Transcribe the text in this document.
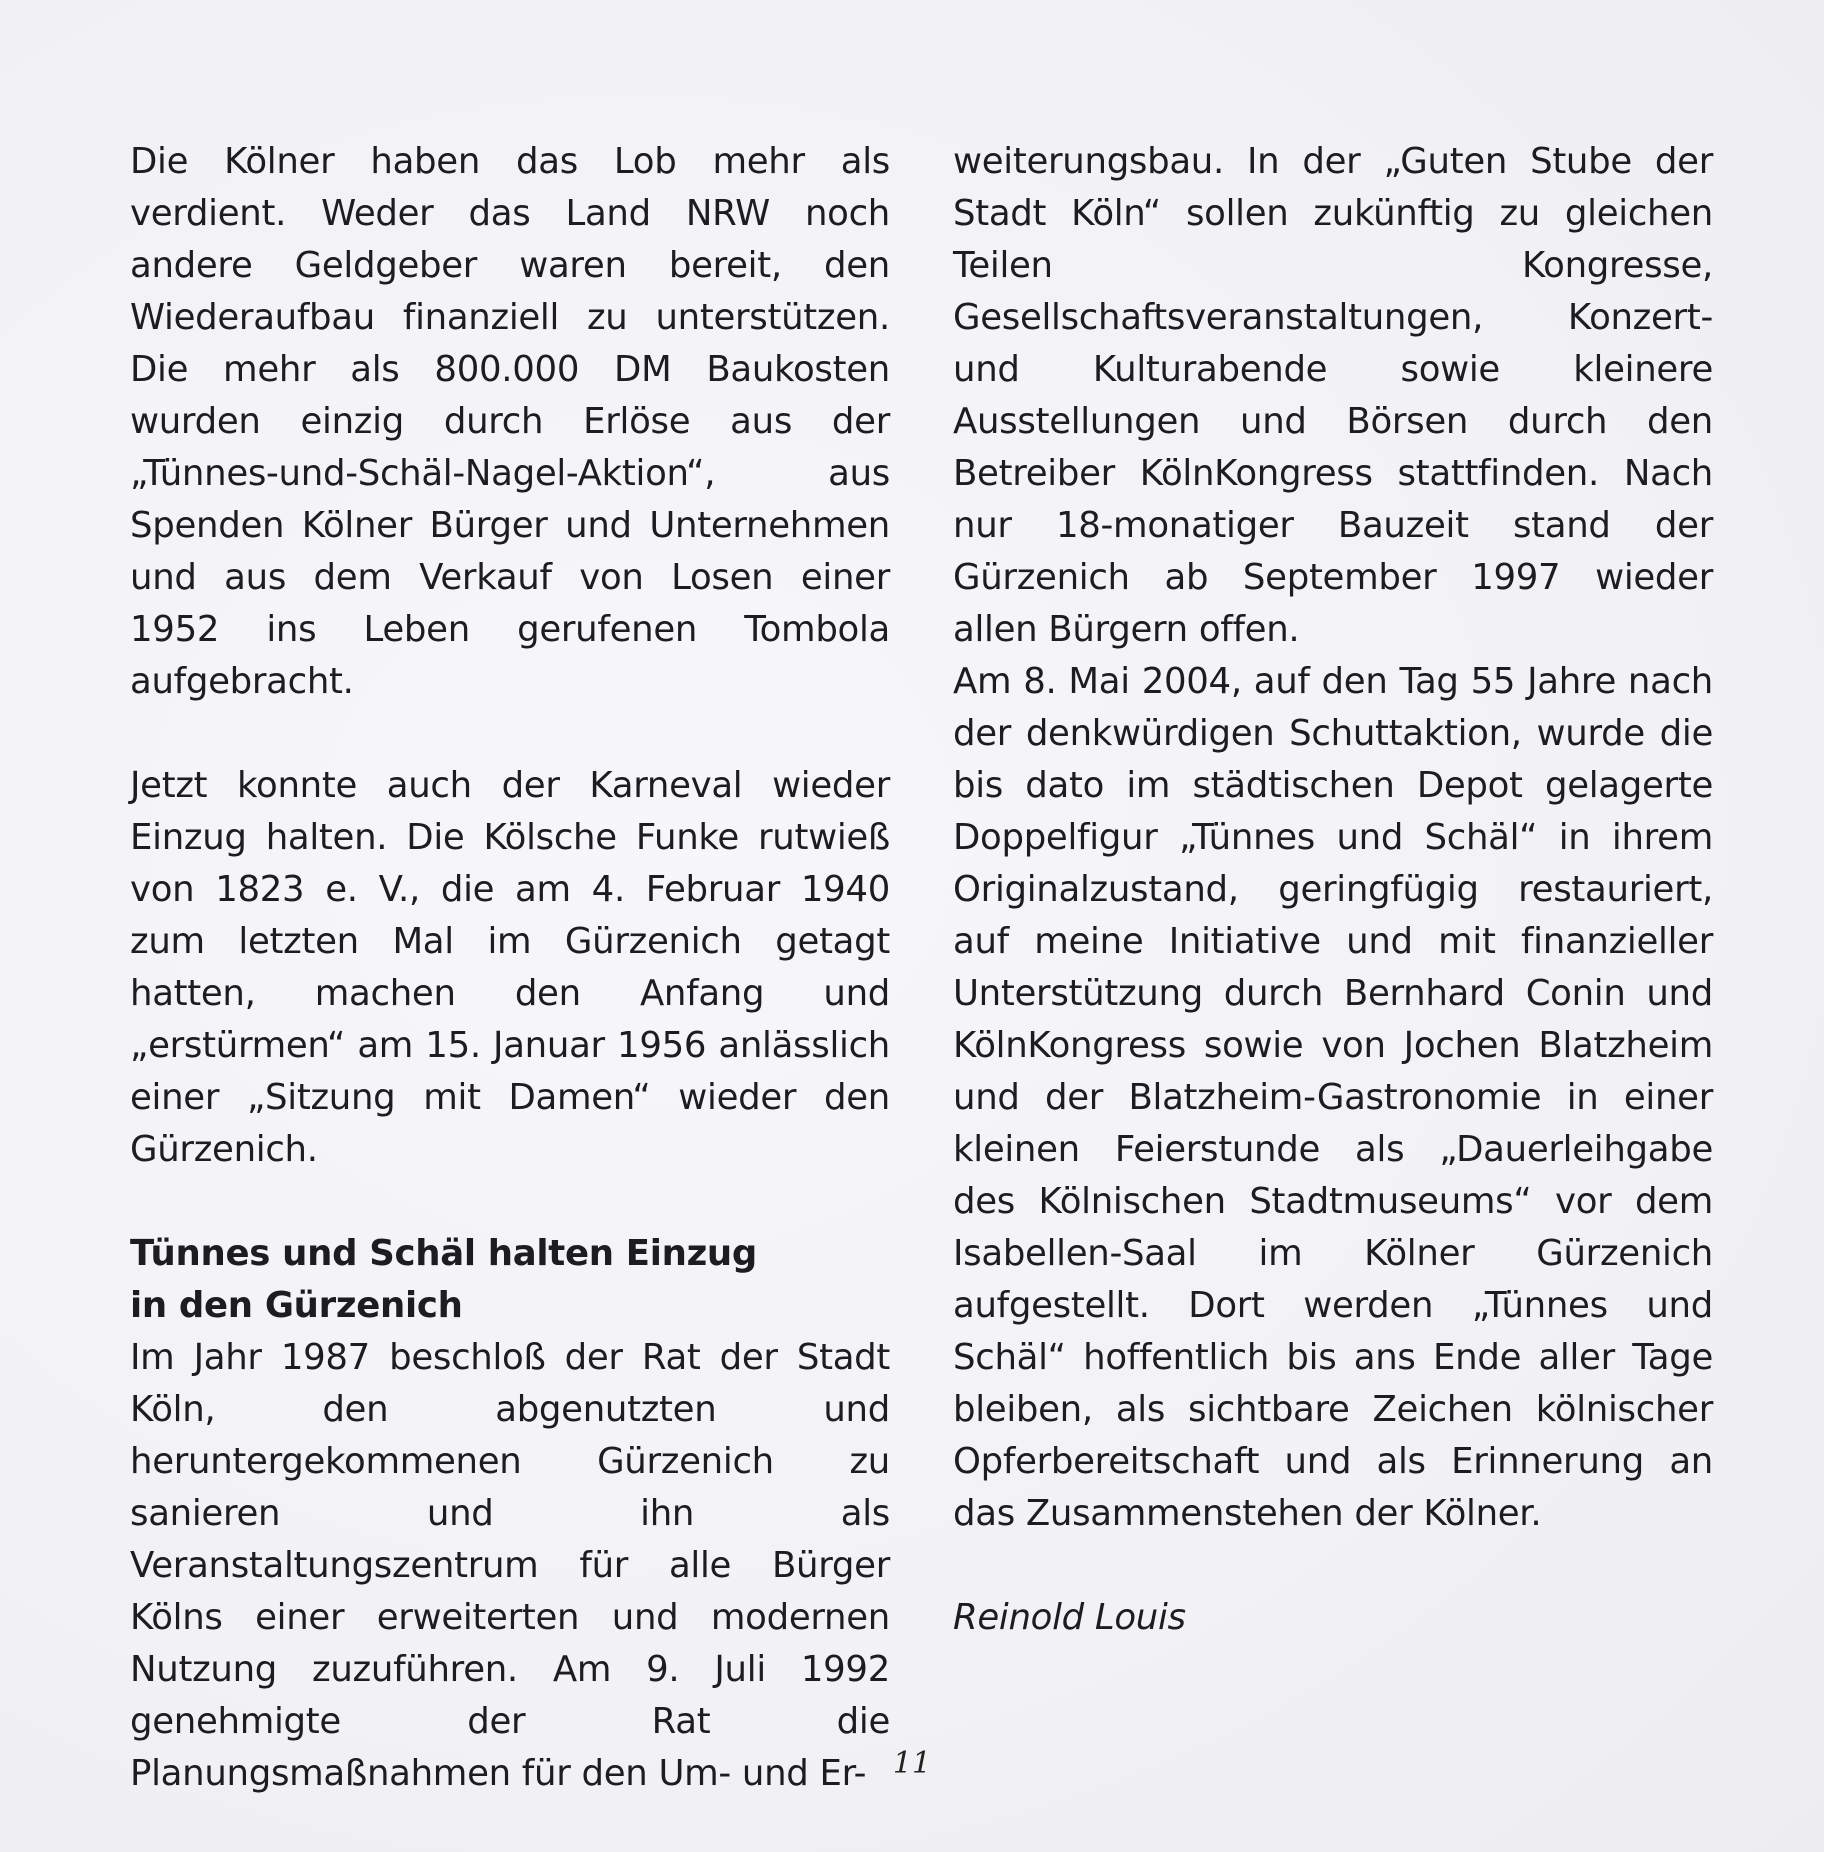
Die Kölner haben das Lob mehr als verdient. Weder das Land NRW noch andere Geldgeber waren bereit, den Wiederaufbau finanziell zu unterstützen. Die mehr als 800.000 DM Baukosten wurden einzig durch Erlöse aus der „Tünnes-und-Schäl-Nagel-Aktion“, aus Spenden Kölner Bürger und Unternehmen und aus dem Verkauf von Losen einer 1952 ins Leben gerufenen Tombola aufgebracht.

Jetzt konnte auch der Karneval wieder Einzug halten. Die Kölsche Funke rutwieß von 1823 e. V., die am 4. Februar 1940 zum letzten Mal im Gürzenich getagt hatten, machen den Anfang und „erstürmen“ am 15. Januar 1956 anlässlich einer „Sitzung mit Damen“ wieder den Gürzenich.

Tünnes und Schäl halten Einzug
in den Gürzenich

Im Jahr 1987 beschloß der Rat der Stadt Köln, den abgenutzten und heruntergekommenen Gürzenich zu sanieren und ihn als Veranstaltungszentrum für alle Bürger Kölns einer erweiterten und modernen Nutzung zuzuführen. Am 9. Juli 1992 genehmigte der Rat die Planungsmaßnahmen für den Um- und Er-

weiterungsbau. In der „Guten Stube der Stadt Köln“ sollen zukünftig zu gleichen Teilen Kongresse, Gesellschaftsveranstaltungen, Konzert- und Kulturabende sowie kleinere Ausstellungen und Börsen durch den Betreiber KölnKongress stattfinden. Nach nur 18-monatiger Bauzeit stand der Gürzenich ab September 1997 wieder allen Bürgern offen.

Am 8. Mai 2004, auf den Tag 55 Jahre nach der denkwürdigen Schuttaktion, wurde die bis dato im städtischen Depot gelagerte Doppelfigur „Tünnes und Schäl“ in ihrem Originalzustand, geringfügig restauriert, auf meine Initiative und mit finanzieller Unterstützung durch Bernhard Conin und KölnKongress sowie von Jochen Blatzheim und der Blatzheim-Gastronomie in einer kleinen Feierstunde als „Dauerleihgabe des Kölnischen Stadtmuseums“ vor dem Isabellen-Saal im Kölner Gürzenich aufgestellt. Dort werden „Tünnes und Schäl“ hoffentlich bis ans Ende aller Tage bleiben, als sichtbare Zeichen kölnischer Opferbereitschaft und als Erinnerung an das Zusammenstehen der Kölner.

Reinold Louis

11
